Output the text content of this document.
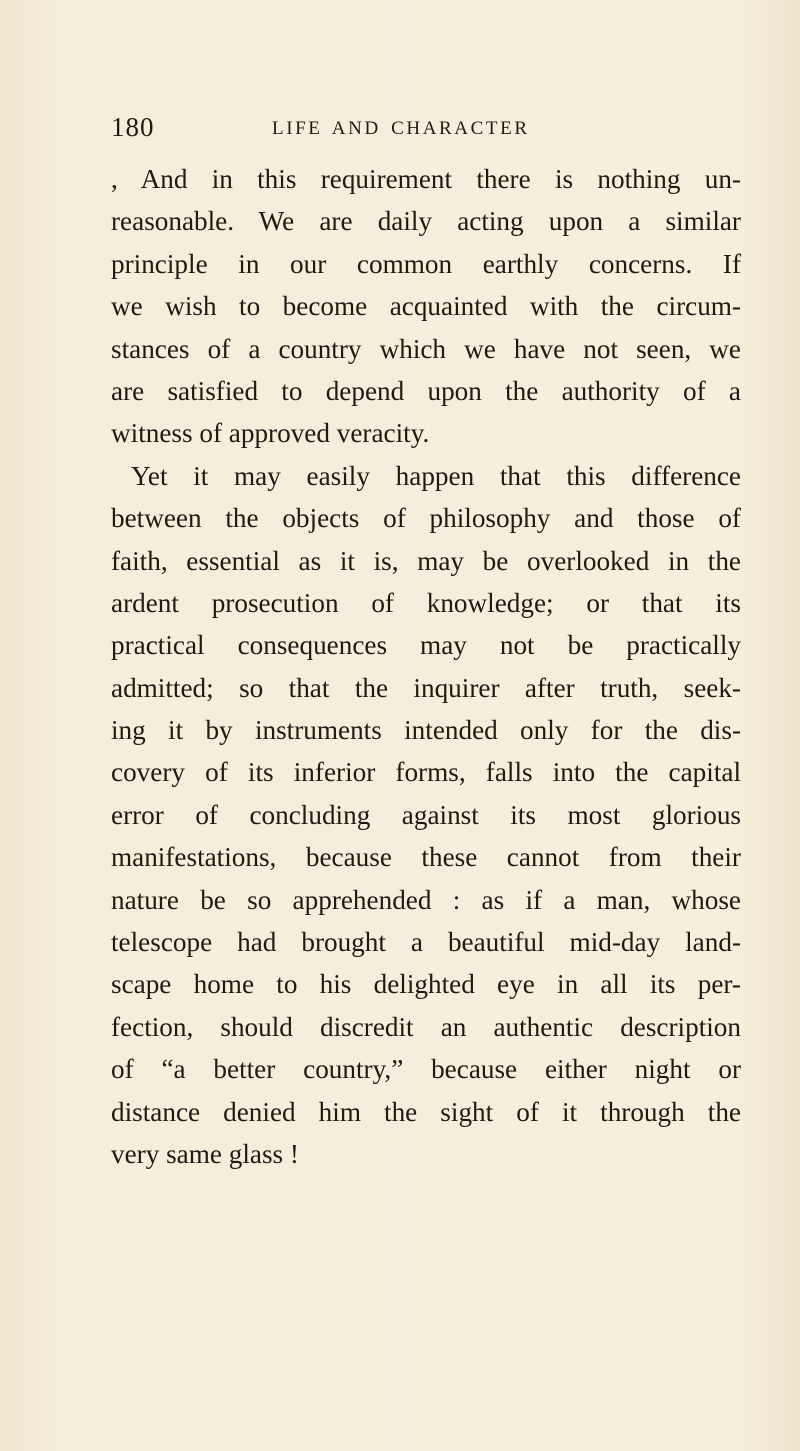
180	LIFE AND CHARACTER
, And in this requirement there is nothing un-
reasonable. We are daily acting upon a similar
principle in our common earthly concerns. If
we wish to become acquainted with the circum-
stances of a country which we have not seen, we
are satisfied to depend upon the authority of a
witness of approved veracity.
Yet it may easily happen that this difference
between the objects of philosophy and those of
faith, essential as it is, may be overlooked in the
ardent prosecution of knowledge; or that its
practical consequences may not be practically
admitted; so that the inquirer after truth, seek-
ing it by instruments intended only for the dis-
covery of its inferior forms, falls into the capital
error of concluding against its most glorious
manifestations, because these cannot from their
nature be so apprehended : as if a man, whose
telescope had brought a beautiful mid-day land-
scape home to his delighted eye in all its per-
fection, should discredit an authentic description
of “a better country,” because either night or
distance denied him the sight of it through the
very same glass !
